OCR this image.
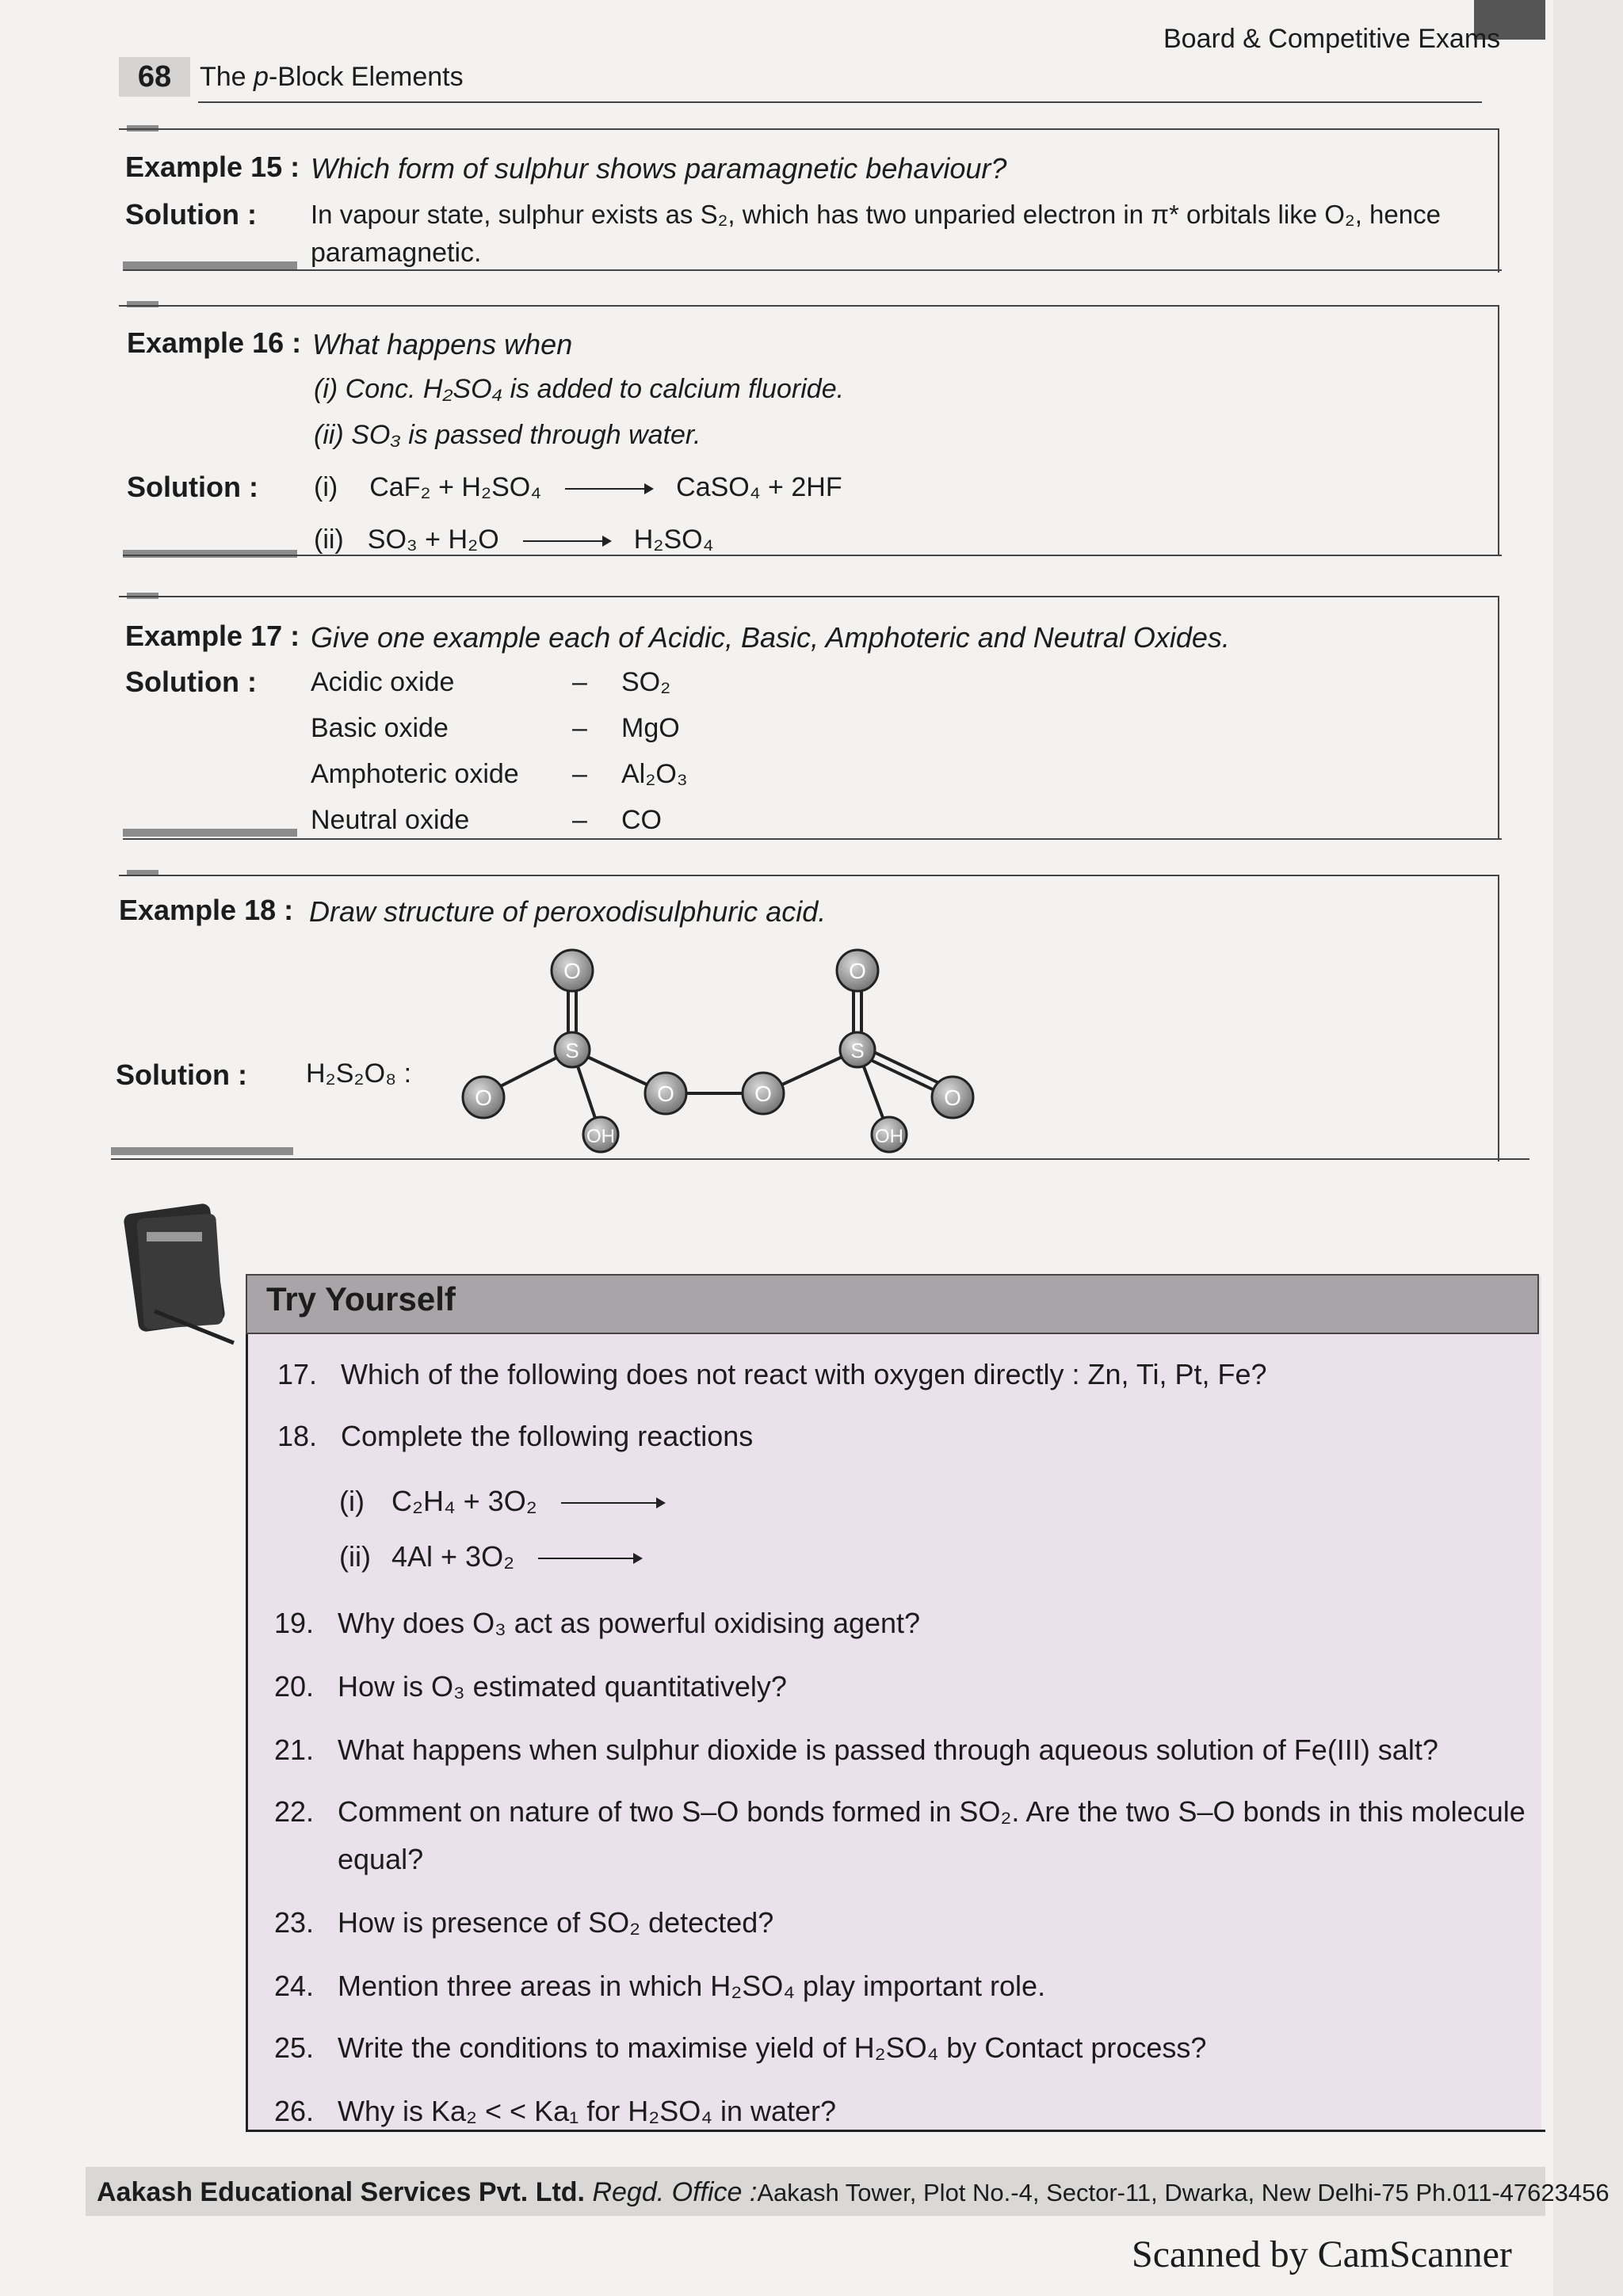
68	The p-Block Elements
Board & Competitive Exams
Example 15 : Which form of sulphur shows paramagnetic behaviour?
Solution : In vapour state, sulphur exists as S₂, which has two unparied electron in π* orbitals like O₂, hence
paramagnetic.
Example 16 : What happens when
(i) Conc. H₂SO₄ is added to calcium fluoride.
(ii) SO₃ is passed through water.
Solution : (i) CaF₂ + H₂SO₄ → CaSO₄ + 2HF
(ii) SO₃ + H₂O → H₂SO₄
Example 17 : Give one example each of Acidic, Basic, Amphoteric and Neutral Oxides.
Solution : Acidic oxide	– SO₂
Basic oxide	– MgO
Amphoteric oxide – Al₂O₃
Neutral oxide	– CO
Example 18 : Draw structure of peroxodisulphuric acid.
Solution : H₂S₂O₈ :
O
S
O
OH
O	O
O
S
OH
O
Try Yourself
17. Which of the following does not react with oxygen directly : Zn, Ti, Pt, Fe?
18. Complete the following reactions
(i) C₂H₄ + 3O₂ →
(ii) 4Al + 3O₂ →
19. Why does O₃ act as powerful oxidising agent?
20. How is O₃ estimated quantitatively?
21. What happens when sulphur dioxide is passed through aqueous solution of Fe(III) salt?
22. Comment on nature of two S–O bonds formed in SO₂. Are the two S–O bonds in this molecule
equal?
23. How is presence of SO₂ detected?
24. Mention three areas in which H₂SO₄ play important role.
25. Write the conditions to maximise yield of H₂SO₄ by Contact process?
26. Why is Ka₂ < < Ka₁ for H₂SO₄ in water?
Aakash Educational Services Pvt. Ltd. Regd. Office :Aakash Tower, Plot No.-4, Sector-11, Dwarka, New Delhi-75 Ph.011-47623456
Scanned by CamScanner
